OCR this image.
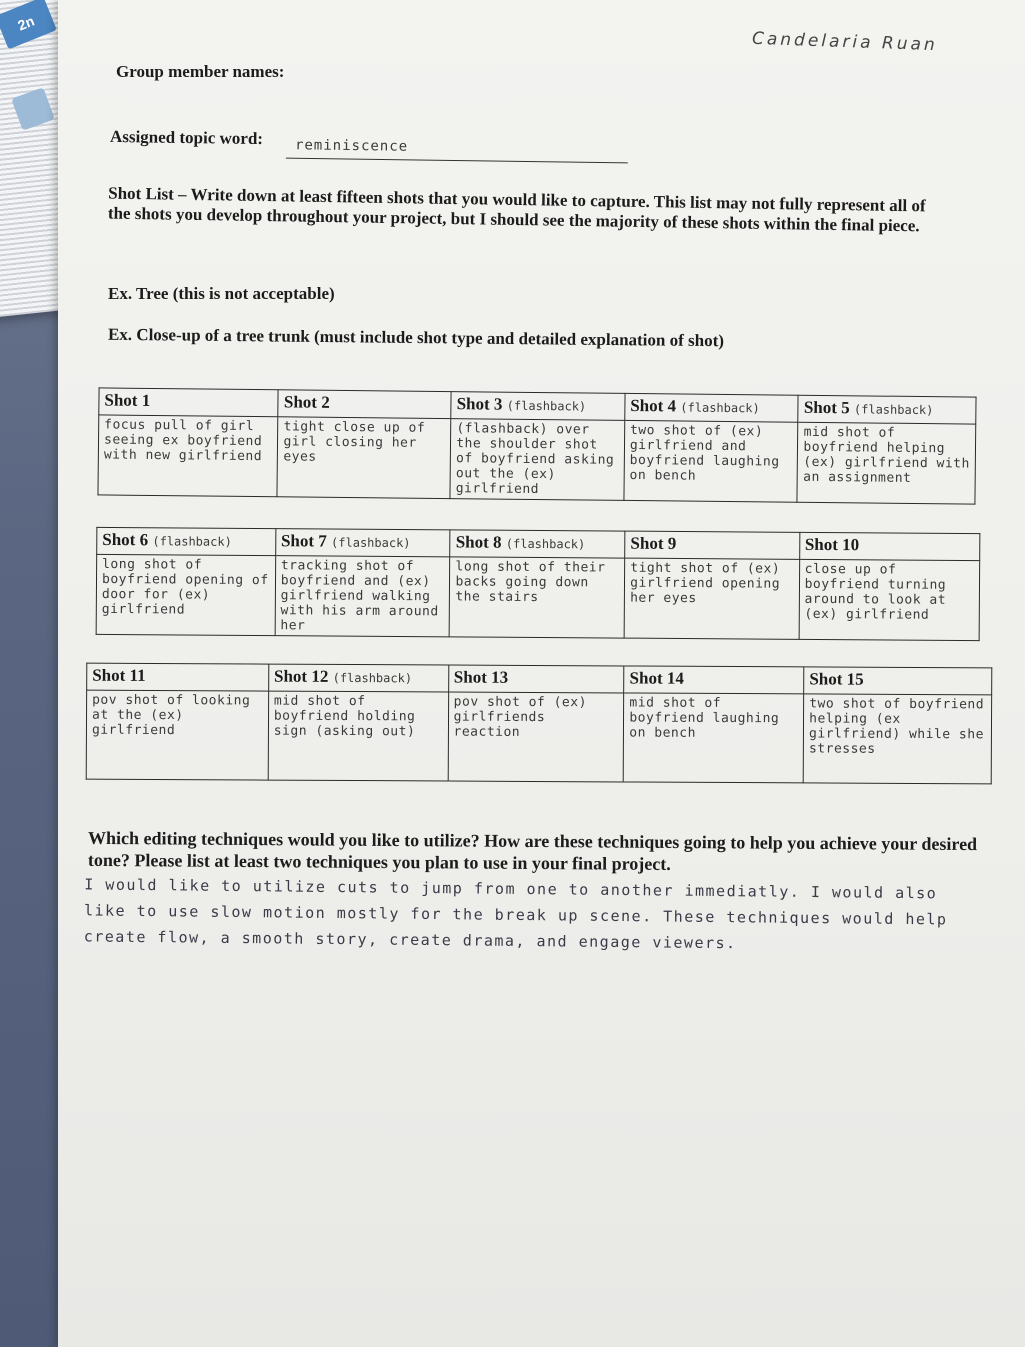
2n
Candelaria Ruan
Group member names:
Assigned topic word: reminiscence
Shot List – Write down at least fifteen shots that you would like to capture. This list may not fully represent all of the shots you develop throughout your project, but I should see the majority of these shots within the final piece.
Ex. Tree (this is not acceptable)
Ex. Close-up of a tree trunk (must include shot type and detailed explanation of shot)
Shot 1	Shot 2	Shot 3 (flashback)	Shot 4 (flashback)	Shot 5 (flashback)
focus pull of girl seeing ex boyfriend with new girlfriend	tight close up of girl closing her eyes	(flashback) over the shoulder shot of boyfriend asking out the (ex) girlfriend	two shot of (ex) girlfriend and boyfriend laughing on bench	mid shot of boyfriend helping (ex) girlfriend with an assignment
Shot 6 (flashback)	Shot 7 (flashback)	Shot 8 (flashback)	Shot 9	Shot 10
long shot of boyfriend opening of door for (ex) girlfriend	tracking shot of boyfriend and (ex) girlfriend walking with his arm around her	long shot of their backs going down the stairs	tight shot of (ex) girlfriend opening her eyes	close up of boyfriend turning around to look at (ex) girlfriend
Shot 11	Shot 12 (flashback)	Shot 13	Shot 14	Shot 15
pov shot of looking at the (ex) girlfriend	mid shot of boyfriend holding sign (asking out)	pov shot of (ex) girlfriends reaction	mid shot of boyfriend laughing on bench	two shot of boyfriend helping (ex girlfriend) while she stresses
Which editing techniques would you like to utilize? How are these techniques going to help you achieve your desired tone? Please list at least two techniques you plan to use in your final project.
I would like to utilize cuts to jump from one to another immediatly. I would also like to use slow motion mostly for the break up scene. These techniques would help create flow, a smooth story, create drama, and engage viewers.
